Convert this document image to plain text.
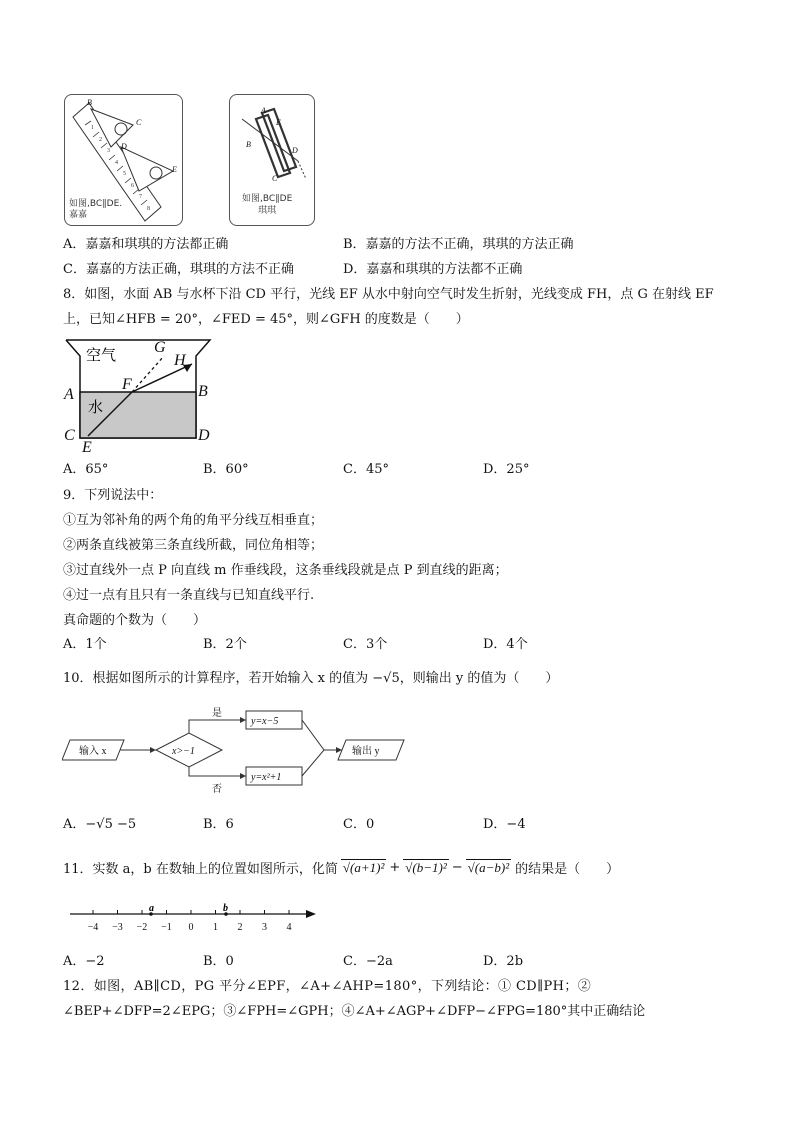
1
2
3
4
5
6
7
8
B
C
D
E
如图,BC∥DE.
嘉嘉
A
E
B
D
C
如图,BC∥DE
琪琪
A．嘉嘉和琪琪的方法都正确	B．嘉嘉的方法不正确，琪琪的方法正确
C．嘉嘉的方法正确，琪琪的方法不正确	D．嘉嘉和琪琪的方法都不正确
8．如图，水面 AB 与水杯下沿 CD 平行，光线 EF 从水中射向空气时发生折射，光线变成 FH，点 G 在射线 EF
上，已知∠HFB = 20°，∠FED = 45°，则∠GFH 的度数是（　　）
空气
水
G
H
A
F	B
C
E
D
A．65°	B．60°	C．45°	D．25°
9．下列说法中：
①互为邻补角的两个角的角平分线互相垂直；
②两条直线被第三条直线所截，同位角相等；
③过直线外一点 P 向直线 m 作垂线段，这条垂线段就是点 P 到直线的距离；
④过一点有且只有一条直线与已知直线平行.
真命题的个数为（　　）
A．1个	B．2个	C．3个	D．4个
10．根据如图所示的计算程序，若开始输入 x 的值为 −√5，则输出 y 的值为（　　）
输入 x	x>−1
是
否
y=x−5
y=x²+1
输出 y
A．−√5 −5	B．6	C．0	D．−4
11．实数 a，b 在数轴上的位置如图所示，化简 √(a+1)² + √(b−1)² − √(a−b)² 的结果是（　　）
−4 −3 −2 −1 0 1 2 3 4
a	b
A．−2	B．0	C．−2a	D．2b
12．如图，AB∥CD，PG 平分∠EPF，∠A+∠AHP=180°，下列结论：① CD∥PH；②
∠BEP+∠DFP=2∠EPG；③∠FPH=∠GPH；④∠A+∠AGP+∠DFP−∠FPG=180°其中正确结论
